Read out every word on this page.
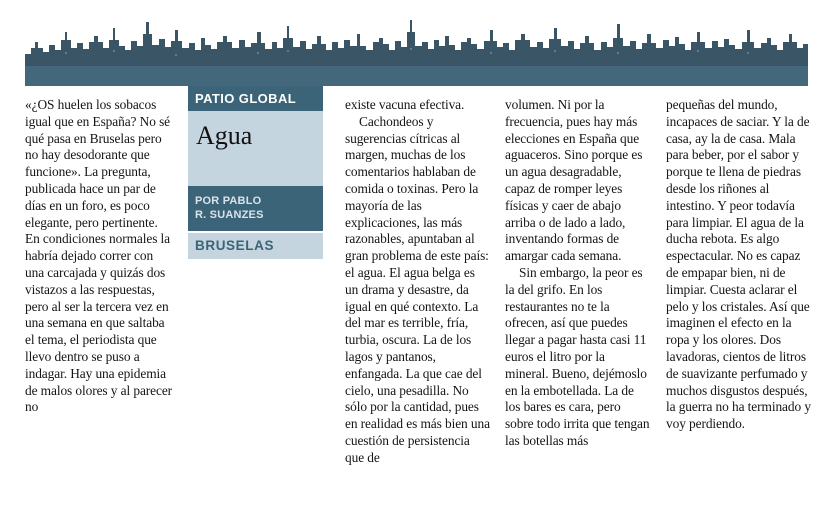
PATIO GLOBAL
Agua
POR PABLO
R. SUANZES
BRUSELAS

«¿OS huelen los sobacos igual que en España? No sé qué pasa en Bruselas pero no hay desodorante que funcione». La pregunta, publicada hace un par de días en un foro, es poco elegante, pero pertinente. En condiciones normales la habría dejado correr con una carcajada y quizás dos vistazos a las respuestas, pero al ser la tercera vez en una semana en que saltaba el tema, el periodista que llevo dentro se puso a indagar. Hay una epidemia de malos olores y al parecer no

existe vacuna efectiva.

Cachondeos y sugerencias cítricas al margen, muchas de los comentarios hablaban de comida o toxinas. Pero la mayoría de las explicaciones, las más razonables, apuntaban al gran problema de este país: el agua. El agua belga es un drama y desastre, da igual en qué contexto. La del mar es terrible, fría, turbia, oscura. La de los lagos y pantanos, enfangada. La que cae del cielo, una pesadilla. No sólo por la cantidad, pues en realidad es más bien una cuestión de persistencia que de

volumen. Ni por la frecuencia, pues hay más elecciones en España que aguaceros. Sino porque es un agua desagradable, capaz de romper leyes físicas y caer de abajo arriba o de lado a lado, inventando formas de amargar cada semana.

Sin embargo, la peor es la del grifo. En los restaurantes no te la ofrecen, así que puedes llegar a pagar hasta casi 11 euros el litro por la mineral. Bueno, dejémoslo en la embotellada. La de los bares es cara, pero sobre todo irrita que tengan las botellas más

pequeñas del mundo, incapaces de saciar. Y la de casa, ay la de casa. Mala para beber, por el sabor y porque te llena de piedras desde los riñones al intestino. Y peor todavía para limpiar. El agua de la ducha rebota. Es algo espectacular. No es capaz de empapar bien, ni de limpiar. Cuesta aclarar el pelo y los cristales. Así que imaginen el efecto en la ropa y los olores. Dos lavadoras, cientos de litros de suavizante perfumado y muchos disgustos después, la guerra no ha terminado y voy perdiendo.
